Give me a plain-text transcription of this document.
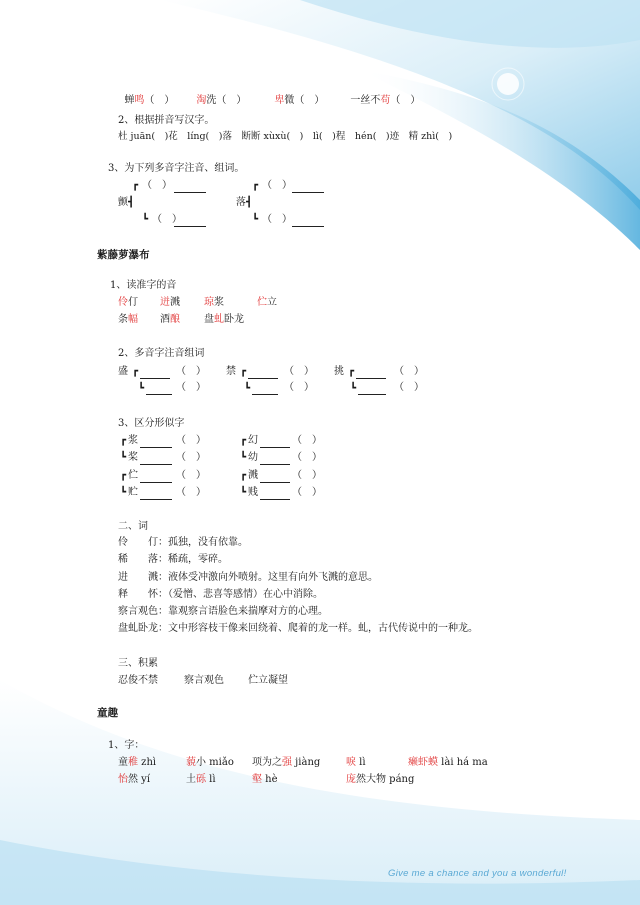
蝉鸣（　）	淘洗（　）	卑微（　）	一丝不苟（　）

2、根据拼音写汉字。
杜 juān(　)花　líng(　)落　断断 xùxù(　)　lì(　)程　hén(　)迹　精 zhì(　)
3、为下列多音字注音、组词。
┏ （　）
颤 ┫
┗ （　）
┏ （　）
落 ┫
┗ （　）
紫藤萝瀑布
1、读准字的音
伶仃 迸溅 琼浆	伫立
条幅 酒酿 盘虬卧龙
2、多音字注音组词
盛 ┏	（　）
┗	（　）
禁 ┏	（　）
┗	（　）
挑 ┏	（　）
┗	（　）
3、区分形似字
┏ 浆	（　）
┗ 桨	（　）
┏ 伫	（　）
┗ 贮	（　）
┏ 幻	（　）
┗ 幼	（　）
┏ 溅	（　）
┗ 贱	（　）
二、词
伶　　仃：孤独，没有依靠。
稀　　落：稀疏，零碎。
进　　溅：液体受冲激向外喷射。这里有向外飞溅的意思。
释　　怀：（爱憎、悲喜等感情）在心中消除。
察言观色：靠观察言语脸色来揣摩对方的心理。
盘虬卧龙：文中形容枝干像来回绕着、爬着的龙一样。虬，古代传说中的一种龙。
三、积累
忍俊不禁	察言观色 伫立凝望
童趣
1、字：
童稚 zhì	藐小 miǎo 项为之强 jiàng	唳 lì	癞虾蟆 lài há ma
怡然 yí	土砾 lì	壑 hè	庞然大物 páng
Give me a chance and you a wonderful!
